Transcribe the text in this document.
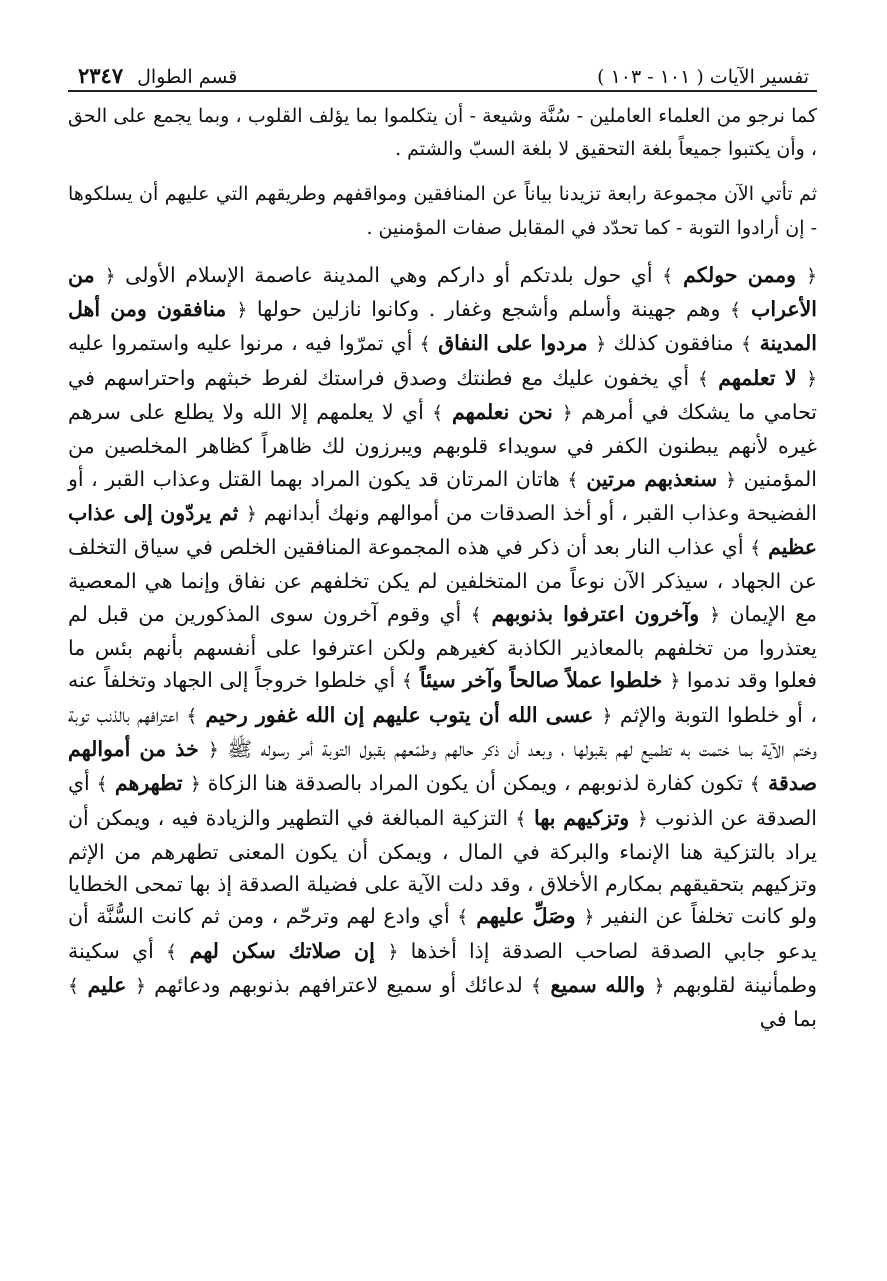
تفسير الآيات ( ١٠١ - ١٠٣ )
قسم الطوال
٢٣٤٧

كما نرجو من العلماء العاملين - سُنَّة وشيعة - أن يتكلموا بما يؤلف القلوب ، وبما يجمع على الحق ، وأن يكتبوا جميعاً بلغة التحقيق لا بلغة السبّ والشتم .

ثم تأتي الآن مجموعة رابعة تزيدنا بياناً عن المنافقين ومواقفهم وطريقهم التي عليهم أن يسلكوها - إن أرادوا التوبة - كما تحدّد في المقابل صفات المؤمنين .

﴿ وممن حولكم ﴾ أي حول بلدتكم أو داركم وهي المدينة عاصمة الإسلام الأولى ﴿ من الأعراب ﴾ وهم جهينة وأسلم وأشجع وغفار . وكانوا نازلين حولها ﴿ منافقون ومن أهل المدينة ﴾ منافقون كذلك ﴿ مردوا على النفاق ﴾ أي تمرّوا فيه ، مرنوا عليه واستمروا عليه ﴿ لا تعلمهم ﴾ أي يخفون عليك مع فطنتك وصدق فراستك لفرط خبثهم واحتراسهم في تحامي ما يشكك في أمرهم ﴿ نحن نعلمهم ﴾ أي لا يعلمهم إلا الله ولا يطلع على سرهم غيره لأنهم يبطنون الكفر في سويداء قلوبهم ويبرزون لك ظاهراً كظاهر المخلصين من المؤمنين ﴿ سنعذبهم مرتين ﴾ هاتان المرتان قد يكون المراد بهما القتل وعذاب القبر ، أو الفضيحة وعذاب القبر ، أو أخذ الصدقات من أموالهم ونهك أبدانهم ﴿ ثم يردّون إلى عذاب عظيم ﴾ أي عذاب النار بعد أن ذكر في هذه المجموعة المنافقين الخلص في سياق التخلف عن الجهاد ، سيذكر الآن نوعاً من المتخلفين لم يكن تخلفهم عن نفاق وإنما هي المعصية مع الإيمان ﴿ وآخرون اعترفوا بذنوبهم ﴾ أي وقوم آخرون سوى المذكورين من قبل لم يعتذروا من تخلفهم بالمعاذير الكاذبة كغيرهم ولكن اعترفوا على أنفسهم بأنهم بئس ما فعلوا وقد ندموا ﴿ خلطوا عملاً صالحاً وآخر سيئاً ﴾ أي خلطوا خروجاً إلى الجهاد وتخلفاً عنه ، أو خلطوا التوبة والإثم ﴿ عسى الله أن يتوب عليهم إن الله غفور رحيم ﴾ اعترافهم بالذنب توبة وختم الآية بما ختمت به تطميع لهم بقبولها ، وبعد أن ذكر حالهم وطمّعهم بقبول التوبة أمر رسوله ﷺ ﴿ خذ من أموالهم صدقة ﴾ تكون كفارة لذنوبهم ، ويمكن أن يكون المراد بالصدقة هنا الزكاة ﴿ تطهرهم ﴾ أي الصدقة عن الذنوب ﴿ وتزكيهم بها ﴾ التزكية المبالغة في التطهير والزيادة فيه ، ويمكن أن يراد بالتزكية هنا الإنماء والبركة في المال ، ويمكن أن يكون المعنى تطهرهم من الإثم وتزكيهم بتحقيقهم بمكارم الأخلاق ، وقد دلت الآية على فضيلة الصدقة إذ بها تمحى الخطايا ولو كانت تخلفاً عن النفير ﴿ وصَلِّ عليهم ﴾ أي وادع لهم وترحّم ، ومن ثم كانت السُّنَّة أن يدعو جابي الصدقة لصاحب الصدقة إذا أخذها ﴿ إن صلاتك سكن لهم ﴾ أي سكينة وطمأنينة لقلوبهم ﴿ والله سميع ﴾ لدعائك أو سميع لاعترافهم بذنوبهم ودعائهم ﴿ عليم ﴾ بما في
